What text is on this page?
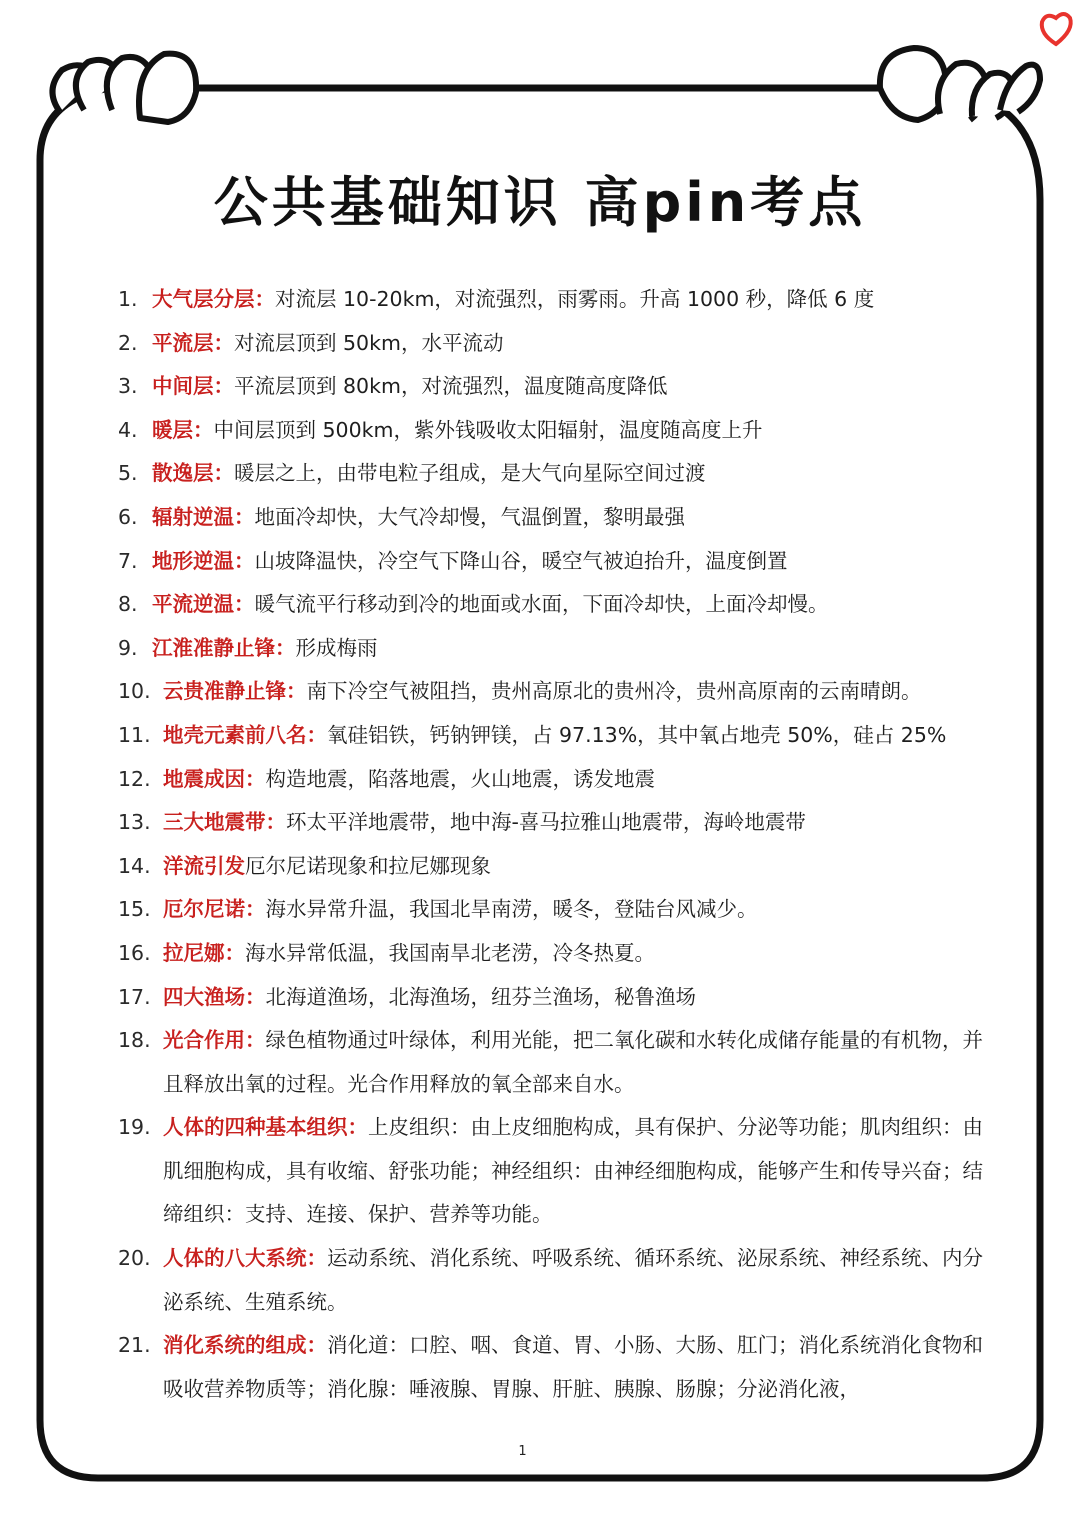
公共基础知识 高pin考点
1. 大气层分层：对流层 10-20km，对流强烈，雨雾雨。升高 1000 秒，降低 6 度
2. 平流层：对流层顶到 50km，水平流动
3. 中间层：平流层顶到 80km，对流强烈，温度随高度降低
4. 暖层：中间层顶到 500km，紫外钱吸收太阳辐射，温度随高度上升
5. 散逸层：暖层之上，由带电粒子组成，是大气向星际空间过渡
6. 辐射逆温：地面冷却快，大气冷却慢，气温倒置，黎明最强
7. 地形逆温：山坡降温快，冷空气下降山谷，暖空气被迫抬升，温度倒置
8. 平流逆温：暖气流平行移动到冷的地面或水面，下面冷却快，上面冷却慢。
9. 江淮准静止锋：形成梅雨
10. 云贵准静止锋：南下冷空气被阻挡，贵州高原北的贵州冷，贵州高原南的云南晴朗。
11. 地壳元素前八名：氧硅铝铁，钙钠钾镁，占 97.13%，其中氧占地壳 50%，硅占 25%
12. 地震成因：构造地震，陷落地震，火山地震，诱发地震
13. 三大地震带：环太平洋地震带，地中海-喜马拉雅山地震带，海岭地震带
14. 洋流引发厄尔尼诺现象和拉尼娜现象
15. 厄尔尼诺：海水异常升温，我国北旱南涝，暖冬，登陆台风减少。
16. 拉尼娜：海水异常低温，我国南旱北老涝，冷冬热夏。
17. 四大渔场：北海道渔场，北海渔场，纽芬兰渔场，秘鲁渔场
18. 光合作用：绿色植物通过叶绿体，利用光能，把二氧化碳和水转化成储存能量的有机物，并且释放出氧的过程。光合作用释放的氧全部来自水。
19. 人体的四种基本组织：上皮组织：由上皮细胞构成，具有保护、分泌等功能；肌肉组织：由肌细胞构成，具有收缩、舒张功能；神经组织：由神经细胞构成，能够产生和传导兴奋；结缔组织：支持、连接、保护、营养等功能。
20. 人体的八大系统：运动系统、消化系统、呼吸系统、循环系统、泌尿系统、神经系统、内分泌系统、生殖系统。
21. 消化系统的组成：消化道：口腔、咽、食道、胃、小肠、大肠、肛门；消化系统消化食物和吸收营养物质等；消化腺：唾液腺、胃腺、肝脏、胰腺、肠腺；分泌消化液，
1
